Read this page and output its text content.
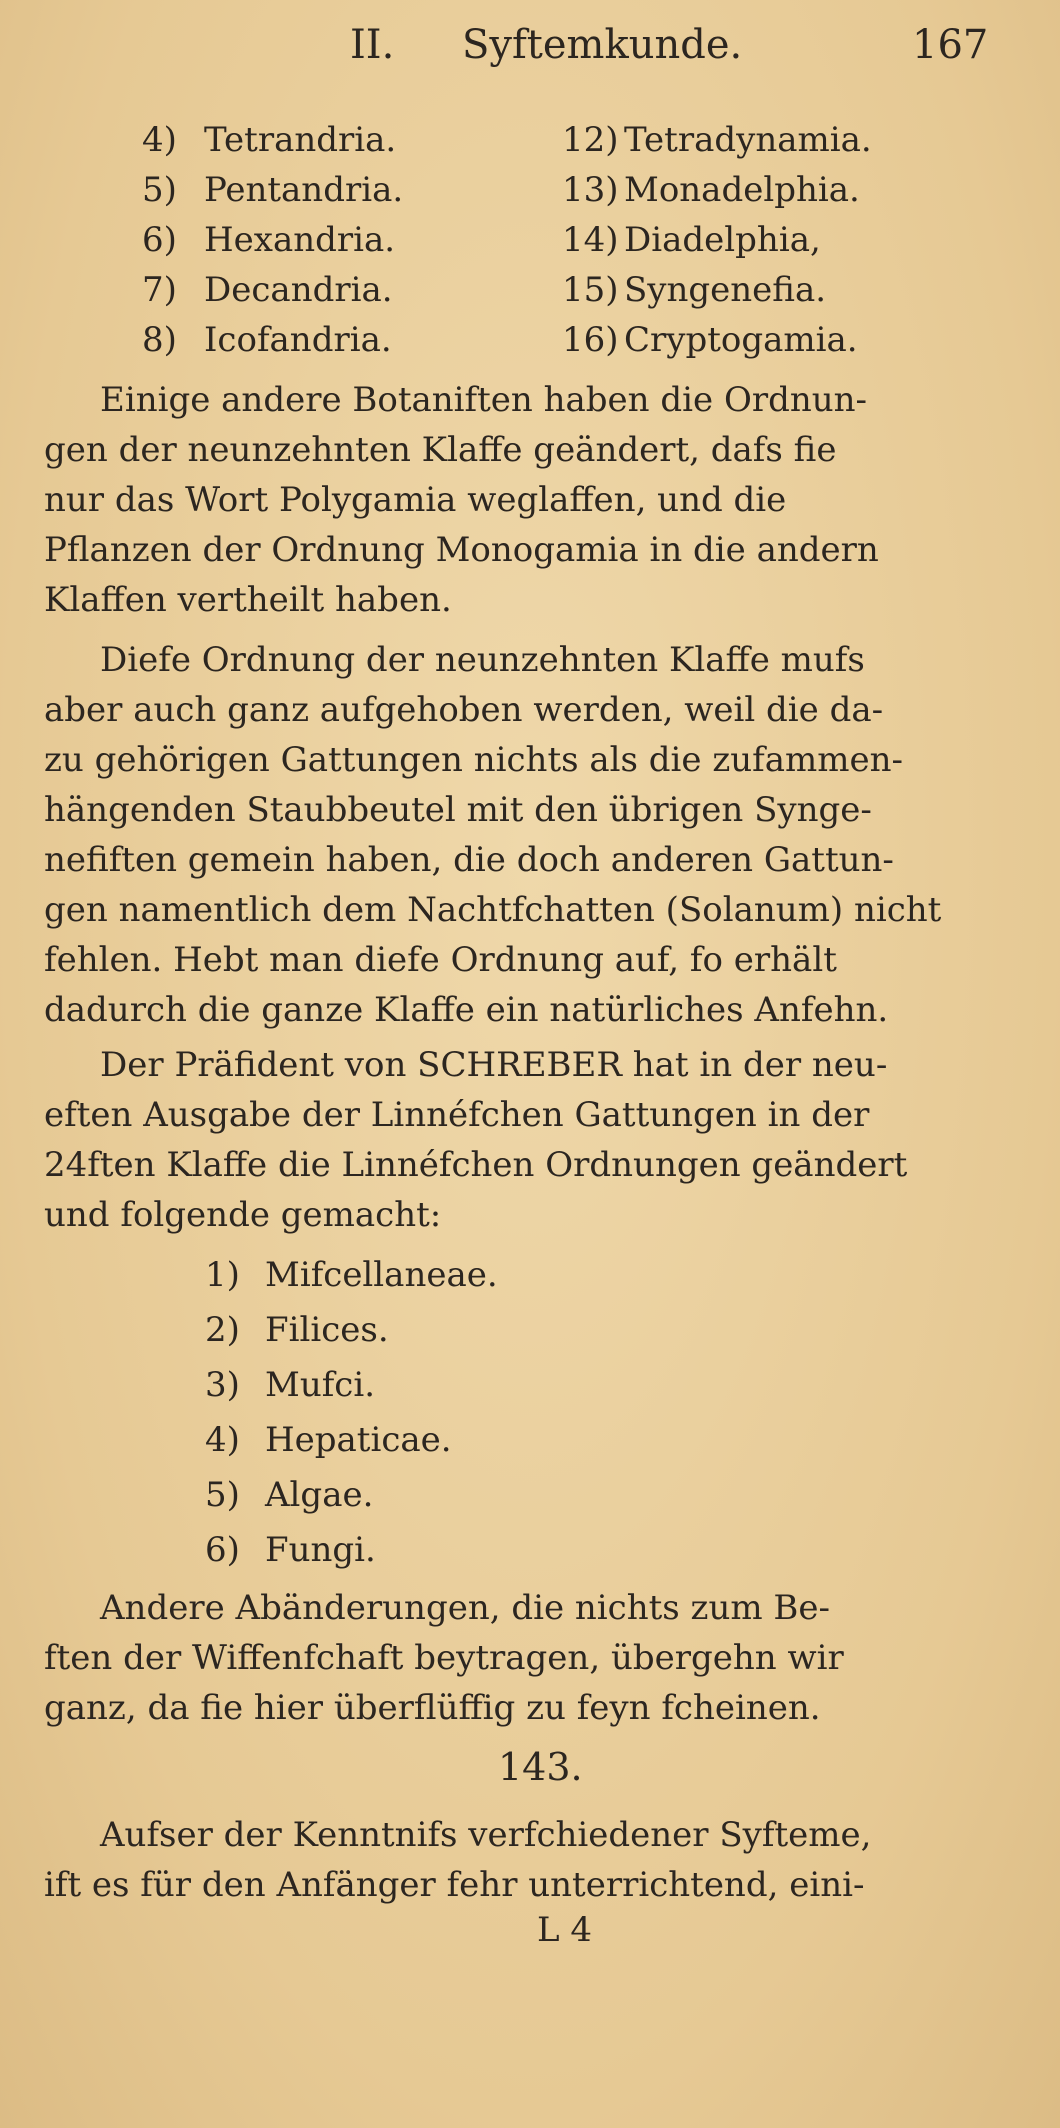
II. Syftemkunde.	167
4) Tetrandria.
5) Pentandria.
6) Hexandria.
7) Decandria.
8) Icofandria.
12) Tetradynamia.
13) Monadelphia.
14) Diadelphia,
15) Syngenefia.
16) Cryptogamia.
Einige andere Botaniften haben die Ordnun-
gen der neunzehnten Klaffe geändert, dafs fie
nur das Wort Polygamia weglaffen, und die
Pflanzen der Ordnung Monogamia in die andern
Klaffen vertheilt haben.
Diefe Ordnung der neunzehnten Klaffe mufs
aber auch ganz aufgehoben werden, weil die da-
zu gehörigen Gattungen nichts als die zufammen-
hängenden Staubbeutel mit den übrigen Synge-
nefiften gemein haben, die doch anderen Gattun-
gen namentlich dem Nachtfchatten (Solanum) nicht
fehlen. Hebt man diefe Ordnung auf, fo erhält
dadurch die ganze Klaffe ein natürliches Anfehn.
Der Präfident von SCHREBER hat in der neu-
eften Ausgabe der Linnéfchen Gattungen in der
24ften Klaffe die Linnéfchen Ordnungen geändert
und folgende gemacht:
1) Mifcellaneae.
2) Filices.
3) Mufci.
4) Hepaticae.
5) Algae.
6) Fungi.
Andere Abänderungen, die nichts zum Be-
ften der Wiffenfchaft beytragen, übergehn wir
ganz, da fie hier überflüffig zu feyn fcheinen.
143.
Aufser der Kenntnifs verfchiedener Syfteme,
ift es für den Anfänger fehr unterrichtend, eini-
L 4
